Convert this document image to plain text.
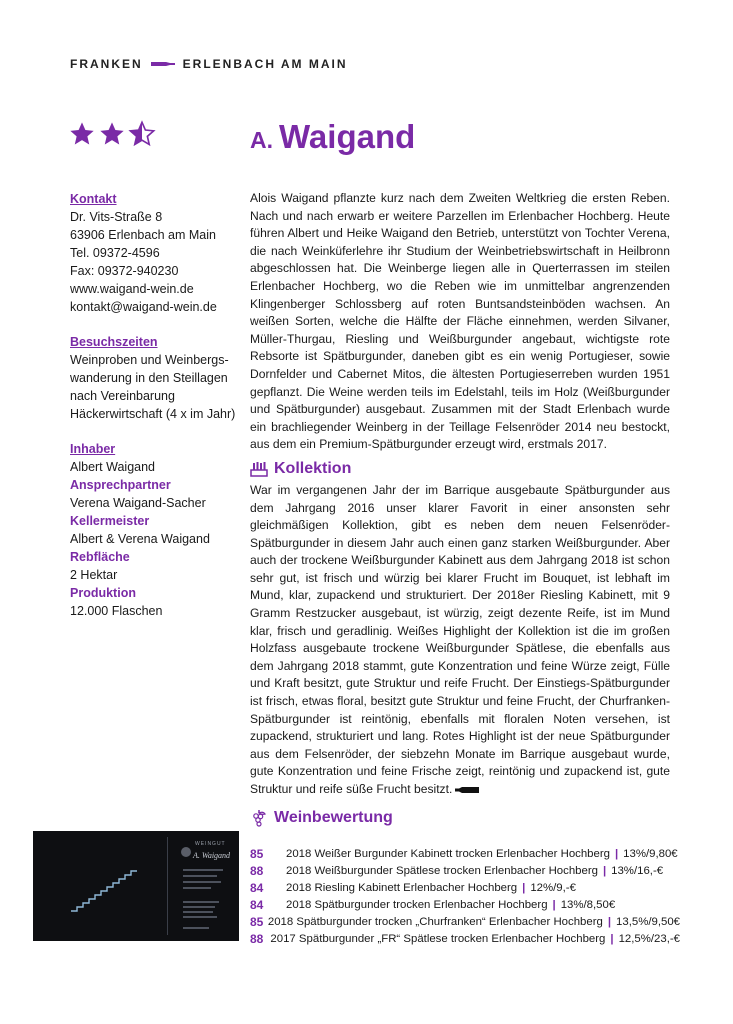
FRANKEN	ERLENBACH AM MAIN
A. Waigand
Kontakt
Dr. Vits-Straße 8
63906 Erlenbach am Main
Tel. 09372-4596
Fax: 09372-940230
www.waigand-wein.de
kontakt@waigand-wein.de
Besuchszeiten
Weinproben und Weinbergs-
wanderung in den Steillagen
nach Vereinbarung
Häckerwirtschaft (4 x im Jahr)
Inhaber
Albert Waigand
Ansprechpartner
Verena Waigand-Sacher
Kellermeister
Albert & Verena Waigand
Rebfläche
2 Hektar
Produktion
12.000 Flaschen

Alois Waigand pflanzte kurz nach dem Zweiten Weltkrieg die ersten Reben. Nach und nach erwarb er weitere Parzellen im Erlenbacher Hochberg. Heute führen Albert und Heike Waigand den Betrieb, unterstützt von Tochter Verena, die nach Weinküferlehre ihr Studium der Weinbetriebswirtschaft in Heilbronn abgeschlossen hat. Die Weinberge liegen alle in Querterrassen im steilen Erlenbacher Hochberg, wo die Reben wie im unmittelbar angrenzenden Klingenberger Schlossberg auf roten Buntsandsteinböden wachsen. An weißen Sorten, welche die Hälfte der Fläche einnehmen, werden Silvaner, Müller-Thurgau, Riesling und Weißburgunder angebaut, wichtigste rote Rebsorte ist Spätburgunder, daneben gibt es ein wenig Portugieser, sowie Dornfelder und Cabernet Mitos, die ältesten Portugieserreben wurden 1951 gepflanzt. Die Weine werden teils im Edelstahl, teils im Holz (Weißburgunder und Spätburgunder) ausgebaut. Zusammen mit der Stadt Erlenbach wurde ein brachliegender Weinberg in der Teillage Felsenröder 2014 neu bestockt, aus dem ein Premium-Spätburgunder erzeugt wird, erstmals 2017.

Kollektion

War im vergangenen Jahr der im Barrique ausgebaute Spätburgunder aus dem Jahrgang 2016 unser klarer Favorit in einer ansonsten sehr gleichmäßigen Kollektion, gibt es neben dem neuen Felsenröder-Spätburgunder in diesem Jahr auch einen ganz starken Weißburgunder. Aber auch der trockene Weißburgunder Kabinett aus dem Jahrgang 2018 ist schon sehr gut, ist frisch und würzig bei klarer Frucht im Bouquet, ist lebhaft im Mund, klar, zupackend und strukturiert. Der 2018er Riesling Kabinett, mit 9 Gramm Restzucker ausgebaut, ist würzig, zeigt dezente Reife, ist im Mund klar, frisch und geradlinig. Weißes Highlight der Kollektion ist die im großen Holzfass ausgebaute trockene Weißburgunder Spätlese, die ebenfalls aus dem Jahrgang 2018 stammt, gute Konzentration und feine Würze zeigt, Fülle und Kraft besitzt, gute Struktur und reife Frucht. Der Einstiegs-Spätburgunder ist frisch, etwas floral, besitzt gute Struktur und feine Frucht, der Churfranken-Spätburgunder ist reintönig, ebenfalls mit floralen Noten versehen, ist zupackend, strukturiert und lang. Rotes Highlight ist der neue Spätburgunder aus dem Felsenröder, der siebzehn Monate im Barrique ausgebaut wurde, gute Konzentration und feine Frische zeigt, reintönig und zupackend ist, gute Struktur und reife süße Frucht besitzt.

Weinbewertung
85	2018 Weißer Burgunder Kabinett trocken Erlenbacher Hochberg | 13%/9,80€
88	2018 Weißburgunder Spätlese trocken Erlenbacher Hochberg | 13%/16,-€
84	2018 Riesling Kabinett Erlenbacher Hochberg | 12%/9,-€
84	2018 Spätburgunder trocken Erlenbacher Hochberg | 13%/8,50€
85 2018 Spätburgunder trocken „Churfranken“ Erlenbacher Hochberg | 13,5%/9,50€
88 2017 Spätburgunder „FR“ Spätlese trocken Erlenbacher Hochberg | 12,5%/23,-€
WEINGUT
A. Waigand
